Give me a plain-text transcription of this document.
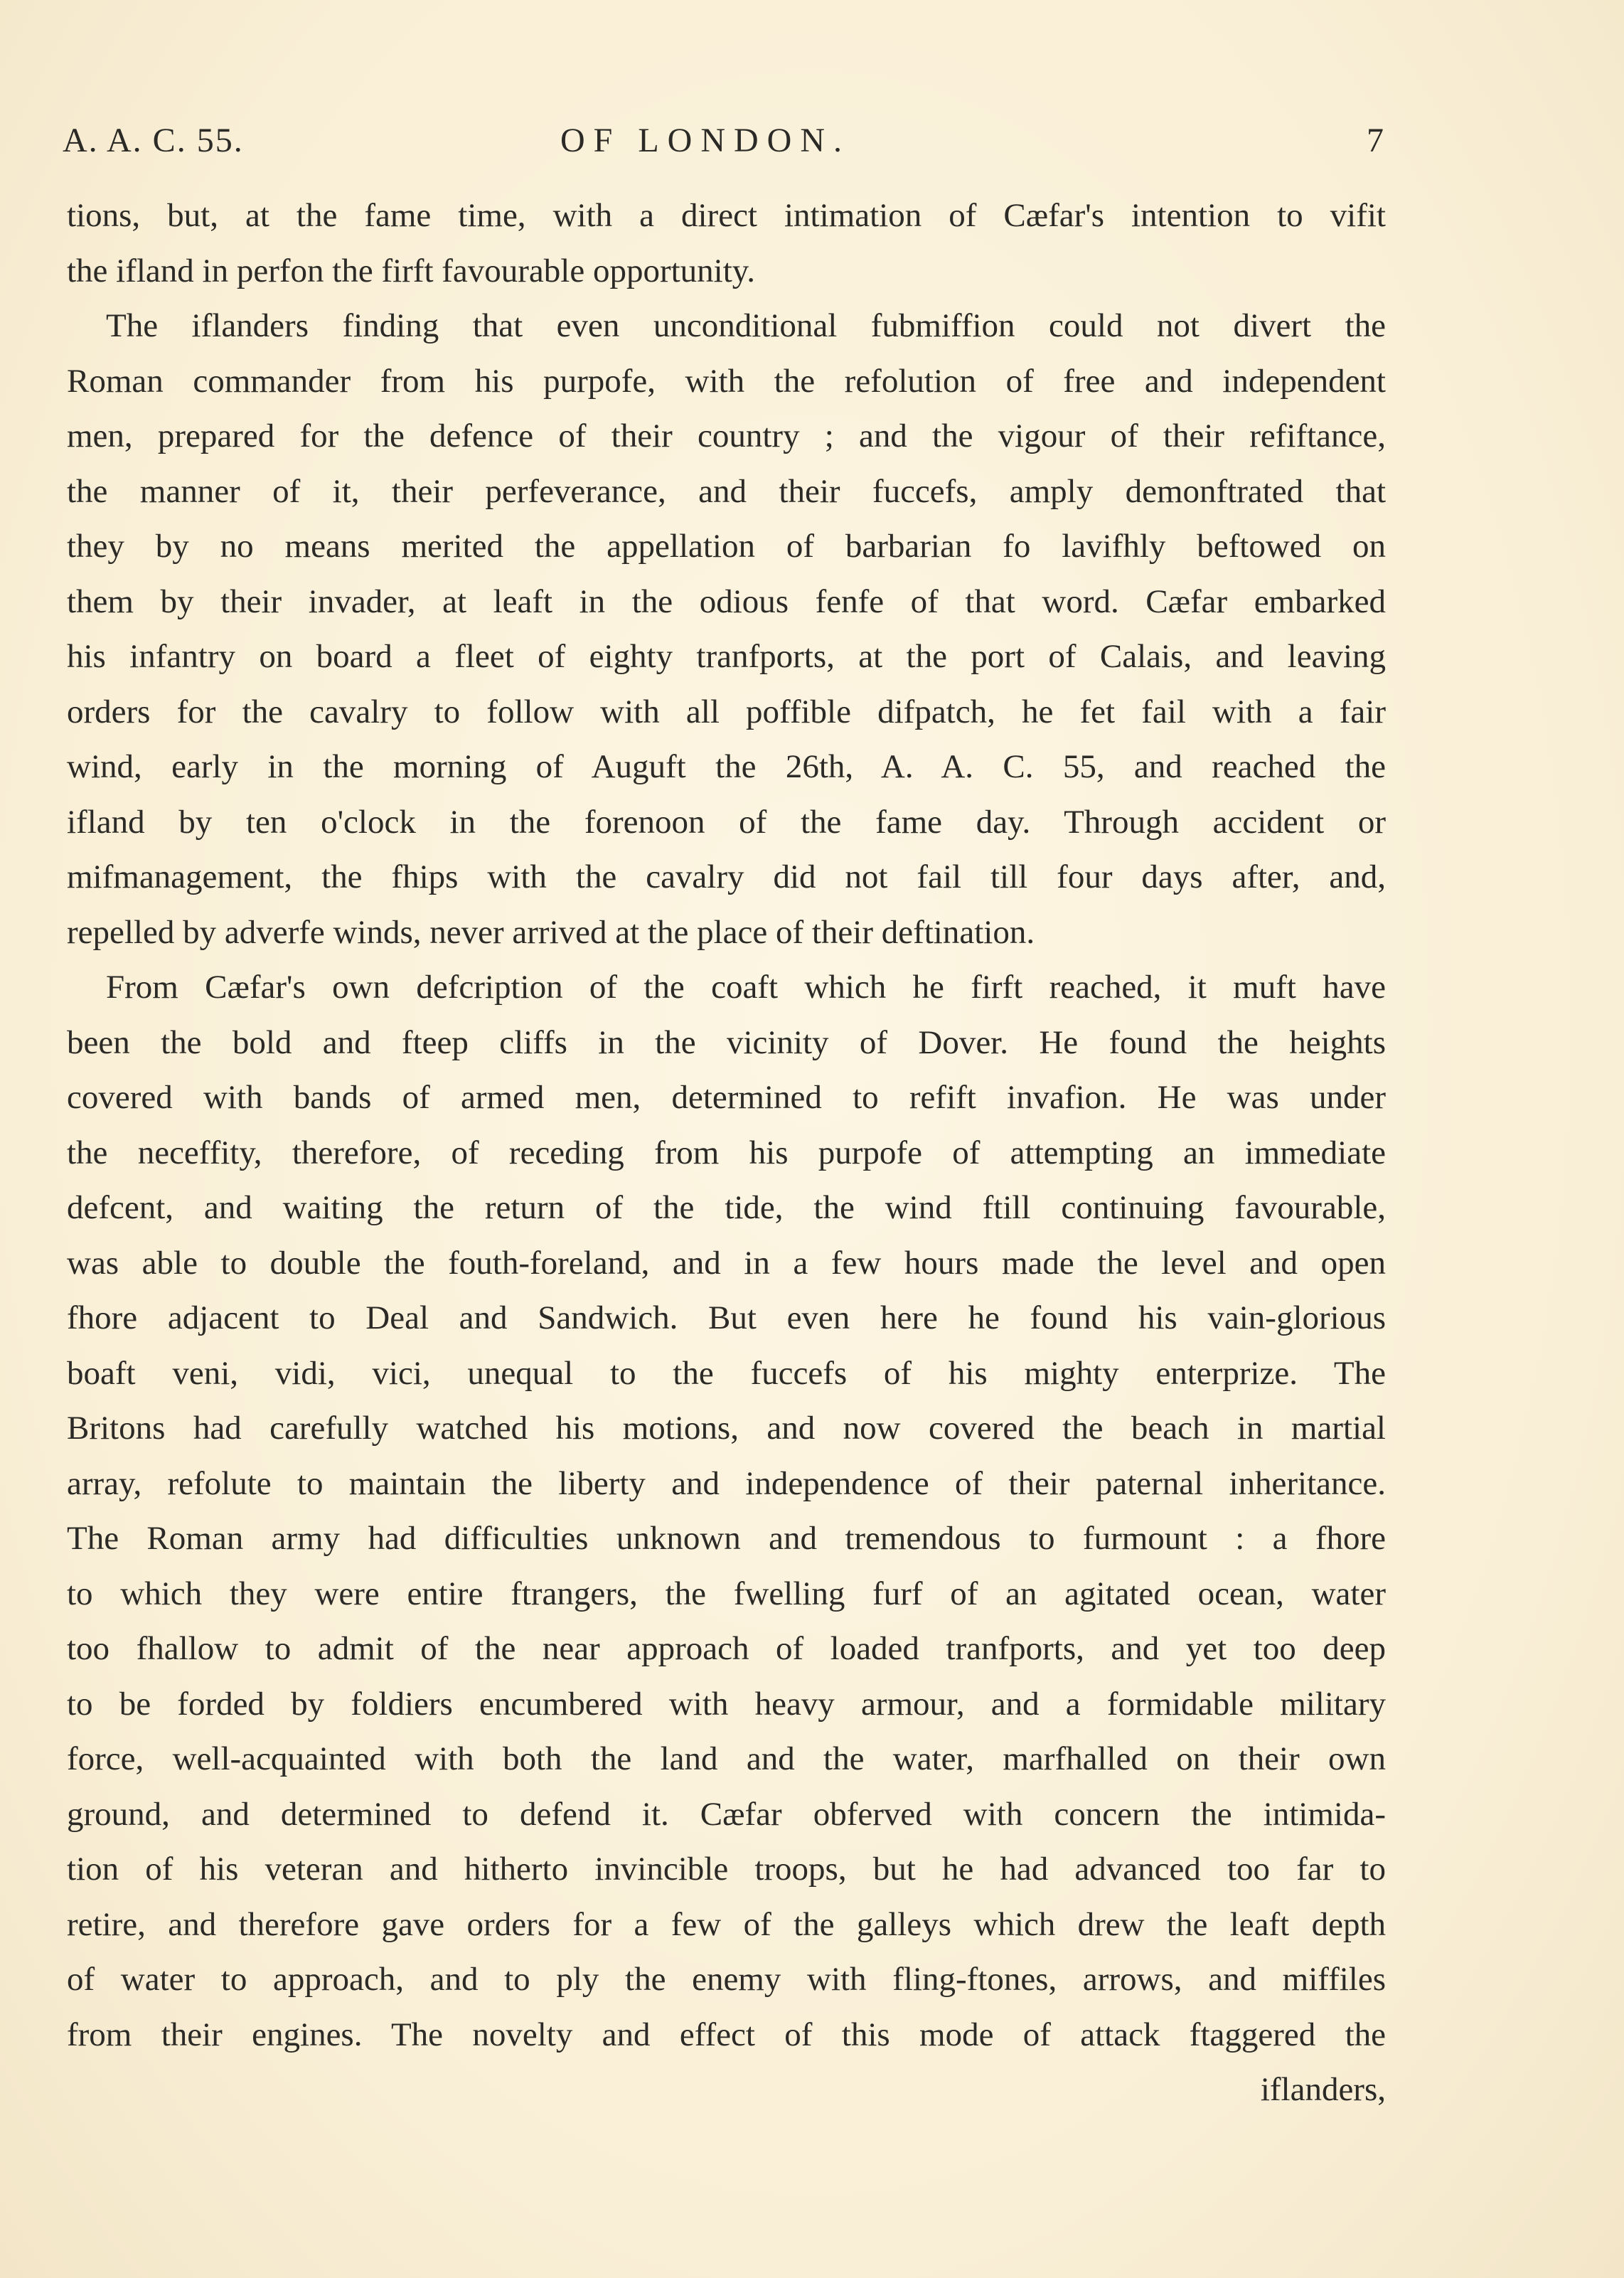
A. A. C. 55.	OF LONDON.	7
tions, but, at the fame time, with a direct intimation of Cæfar's intention to vifit
the ifland in perfon the firft favourable opportunity.
The iflanders finding that even unconditional fubmiffion could not divert the
Roman commander from his purpofe, with the refolution of free and independent
men, prepared for the defence of their country ; and the vigour of their refiftance,
the manner of it, their perfeverance, and their fuccefs, amply demonftrated that
they by no means merited the appellation of barbarian fo lavifhly beftowed on
them by their invader, at leaft in the odious fenfe of that word. Cæfar embarked
his infantry on board a fleet of eighty tranfports, at the port of Calais, and leaving
orders for the cavalry to follow with all poffible difpatch, he fet fail with a fair
wind, early in the morning of Auguft the 26th, A. A. C. 55, and reached the
ifland by ten o'clock in the forenoon of the fame day. Through accident or
mifmanagement, the fhips with the cavalry did not fail till four days after, and,
repelled by adverfe winds, never arrived at the place of their deftination.
From Cæfar's own defcription of the coaft which he firft reached, it muft have
been the bold and fteep cliffs in the vicinity of Dover. He found the heights
covered with bands of armed men, determined to refift invafion. He was under
the neceffity, therefore, of receding from his purpofe of attempting an immediate
defcent, and waiting the return of the tide, the wind ftill continuing favourable,
was able to double the fouth-foreland, and in a few hours made the level and open
fhore adjacent to Deal and Sandwich. But even here he found his vain-glorious
boaft veni, vidi, vici, unequal to the fuccefs of his mighty enterprize. The
Britons had carefully watched his motions, and now covered the beach in martial
array, refolute to maintain the liberty and independence of their paternal inheritance.
The Roman army had difficulties unknown and tremendous to furmount : a fhore
to which they were entire ftrangers, the fwelling furf of an agitated ocean, water
too fhallow to admit of the near approach of loaded tranfports, and yet too deep
to be forded by foldiers encumbered with heavy armour, and a formidable military
force, well-acquainted with both the land and the water, marfhalled on their own
ground, and determined to defend it. Cæfar obferved with concern the intimida-
tion of his veteran and hitherto invincible troops, but he had advanced too far to
retire, and therefore gave orders for a few of the galleys which drew the leaft depth
of water to approach, and to ply the enemy with fling-ftones, arrows, and miffiles
from their engines. The novelty and effect of this mode of attack ftaggered the
iflanders,
